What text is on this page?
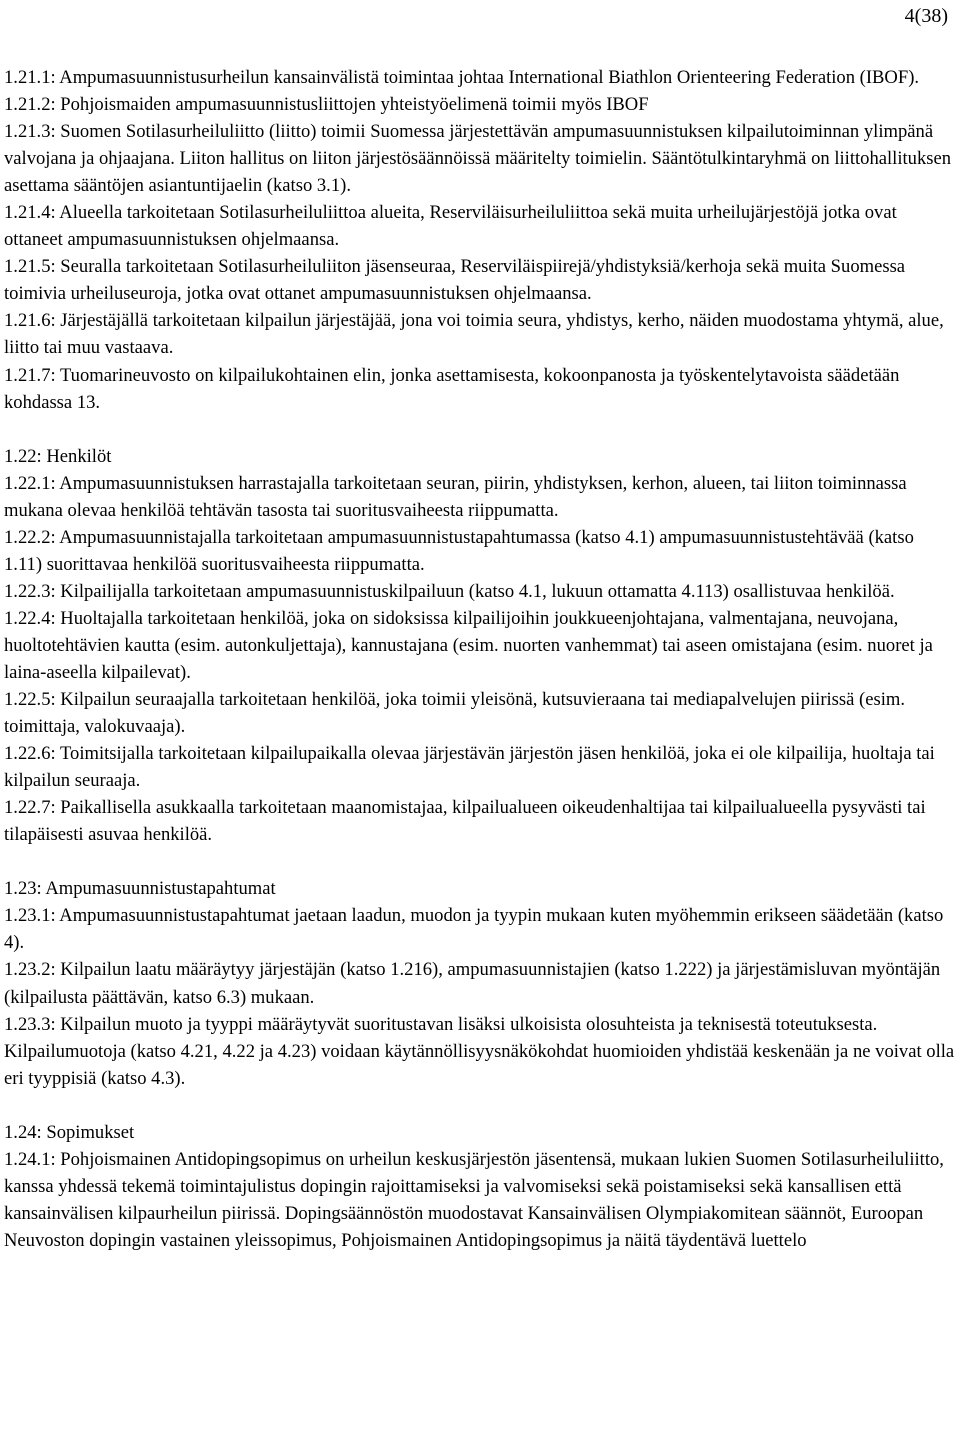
4(38)

1.21.1: Ampumasuunnistusurheilun kansainvälistä toimintaa johtaa International Biathlon Orienteering Federation (IBOF).

1.21.2: Pohjoismaiden ampumasuunnistusliittojen yhteistyöelimenä toimii myös IBOF

1.21.3: Suomen Sotilasurheiluliitto (liitto) toimii Suomessa järjestettävän ampumasuunnistuksen kilpailutoiminnan ylimpänä valvojana ja ohjaajana. Liiton hallitus on liiton järjestösäännöissä määritelty toimielin. Sääntötulkintaryhmä on liittohallituksen asettama sääntöjen asiantuntijaelin (katso 3.1).

1.21.4: Alueella tarkoitetaan Sotilasurheiluliittoa alueita, Reserviläisurheiluliittoa sekä muita urheilujärjestöjä jotka ovat ottaneet ampumasuunnistuksen ohjelmaansa.

1.21.5: Seuralla tarkoitetaan Sotilasurheiluliiton jäsenseuraa, Reserviläispiirejä/yhdistyksiä/kerhoja sekä muita Suomessa toimivia urheiluseuroja, jotka ovat ottanet ampumasuunnistuksen ohjelmaansa.

1.21.6: Järjestäjällä tarkoitetaan kilpailun järjestäjää, jona voi toimia seura, yhdistys, kerho, näiden muodostama yhtymä, alue, liitto tai muu vastaava.

1.21.7: Tuomarineuvosto on kilpailukohtainen elin, jonka asettamisesta, kokoonpanosta ja työskentelytavoista säädetään kohdassa 13.

1.22: Henkilöt

1.22.1: Ampumasuunnistuksen harrastajalla tarkoitetaan seuran, piirin, yhdistyksen, kerhon, alueen, tai liiton toiminnassa mukana olevaa henkilöä tehtävän tasosta tai suoritusvaiheesta riippumatta.

1.22.2: Ampumasuunnistajalla tarkoitetaan ampumasuunnistustapahtumassa (katso 4.1) ampumasuunnistustehtävää (katso 1.11) suorittavaa henkilöä suoritusvaiheesta riippumatta.

1.22.3: Kilpailijalla tarkoitetaan ampumasuunnistuskilpailuun (katso 4.1, lukuun ottamatta 4.113) osallistuvaa henkilöä.

1.22.4: Huoltajalla tarkoitetaan henkilöä, joka on sidoksissa kilpailijoihin joukkueenjohtajana, valmentajana, neuvojana, huoltotehtävien kautta (esim. autonkuljettaja), kannustajana (esim. nuorten vanhemmat) tai aseen omistajana (esim. nuoret ja laina-aseella kilpailevat).

1.22.5: Kilpailun seuraajalla tarkoitetaan henkilöä, joka toimii yleisönä, kutsuvieraana tai mediapalvelujen piirissä (esim. toimittaja, valokuvaaja).

1.22.6: Toimitsijalla tarkoitetaan kilpailupaikalla olevaa järjestävän järjestön jäsen henkilöä, joka ei ole kilpailija, huoltaja tai kilpailun seuraaja.

1.22.7: Paikallisella asukkaalla tarkoitetaan maanomistajaa, kilpailualueen oikeudenhaltijaa tai kilpailualueella pysyvästi tai tilapäisesti asuvaa henkilöä.

1.23: Ampumasuunnistustapahtumat

1.23.1: Ampumasuunnistustapahtumat jaetaan laadun, muodon ja tyypin mukaan kuten myöhemmin erikseen säädetään (katso 4).

1.23.2: Kilpailun laatu määräytyy järjestäjän (katso 1.216), ampumasuunnistajien (katso 1.222) ja järjestämisluvan myöntäjän (kilpailusta päättävän, katso 6.3) mukaan.

1.23.3: Kilpailun muoto ja tyyppi määräytyvät suoritustavan lisäksi ulkoisista olosuhteista ja teknisestä toteutuksesta. Kilpailumuotoja (katso 4.21, 4.22 ja 4.23) voidaan käytännöllisyysnäkökohdat huomioiden yhdistää keskenään ja ne voivat olla eri tyyppisiä (katso 4.3).

1.24: Sopimukset

1.24.1: Pohjoismainen Antidopingsopimus on urheilun keskusjärjestön jäsentensä, mukaan lukien Suomen Sotilasurheiluliitto, kanssa yhdessä tekemä toimintajulistus dopingin rajoittamiseksi ja valvomiseksi sekä poistamiseksi sekä kansallisen että kansainvälisen kilpaurheilun piirissä. Dopingsäännöstön muodostavat Kansainvälisen Olympiakomitean säännöt, Euroopan Neuvoston dopingin vastainen yleissopimus, Pohjoismainen Antidopingsopimus ja näitä täydentävä luettelo
